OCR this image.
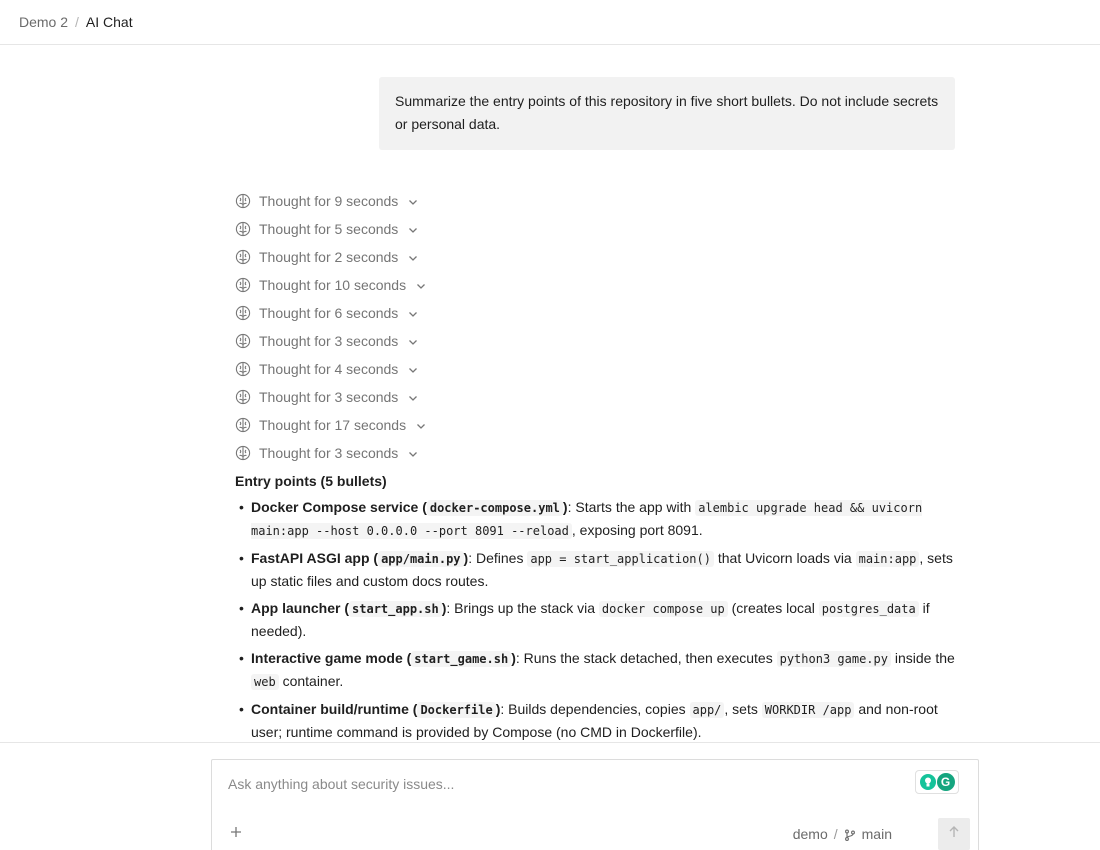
Demo 2 / AI Chat
Summarize the entry points of this repository in five short bullets. Do not include secrets or personal data.
Thought for 9 seconds
Thought for 5 seconds
Thought for 2 seconds
Thought for 10 seconds
Thought for 6 seconds
Thought for 3 seconds
Thought for 4 seconds
Thought for 3 seconds
Thought for 17 seconds
Thought for 3 seconds
Entry points (5 bullets)
• Docker Compose service ( docker-compose.yml ): Starts the app with alembic upgrade head && uvicorn main:app --host 0.0.0.0 --port 8091 --reload , exposing port 8091.
• FastAPI ASGI app ( app/main.py ): Defines app = start_application() that Uvicorn loads via main:app , sets up static files and custom docs routes.
• App launcher ( start_app.sh ): Brings up the stack via docker compose up (creates local postgres_data if needed).
• Interactive game mode ( start_game.sh ): Runs the stack detached, then executes python3 game.py inside the web container.
• Container build/runtime ( Dockerfile ): Builds dependencies, copies app/ , sets WORKDIR /app and non-root user; runtime command is provided by Compose (no CMD in Dockerfile).
Ask anything about security issues...
G
demo / main
